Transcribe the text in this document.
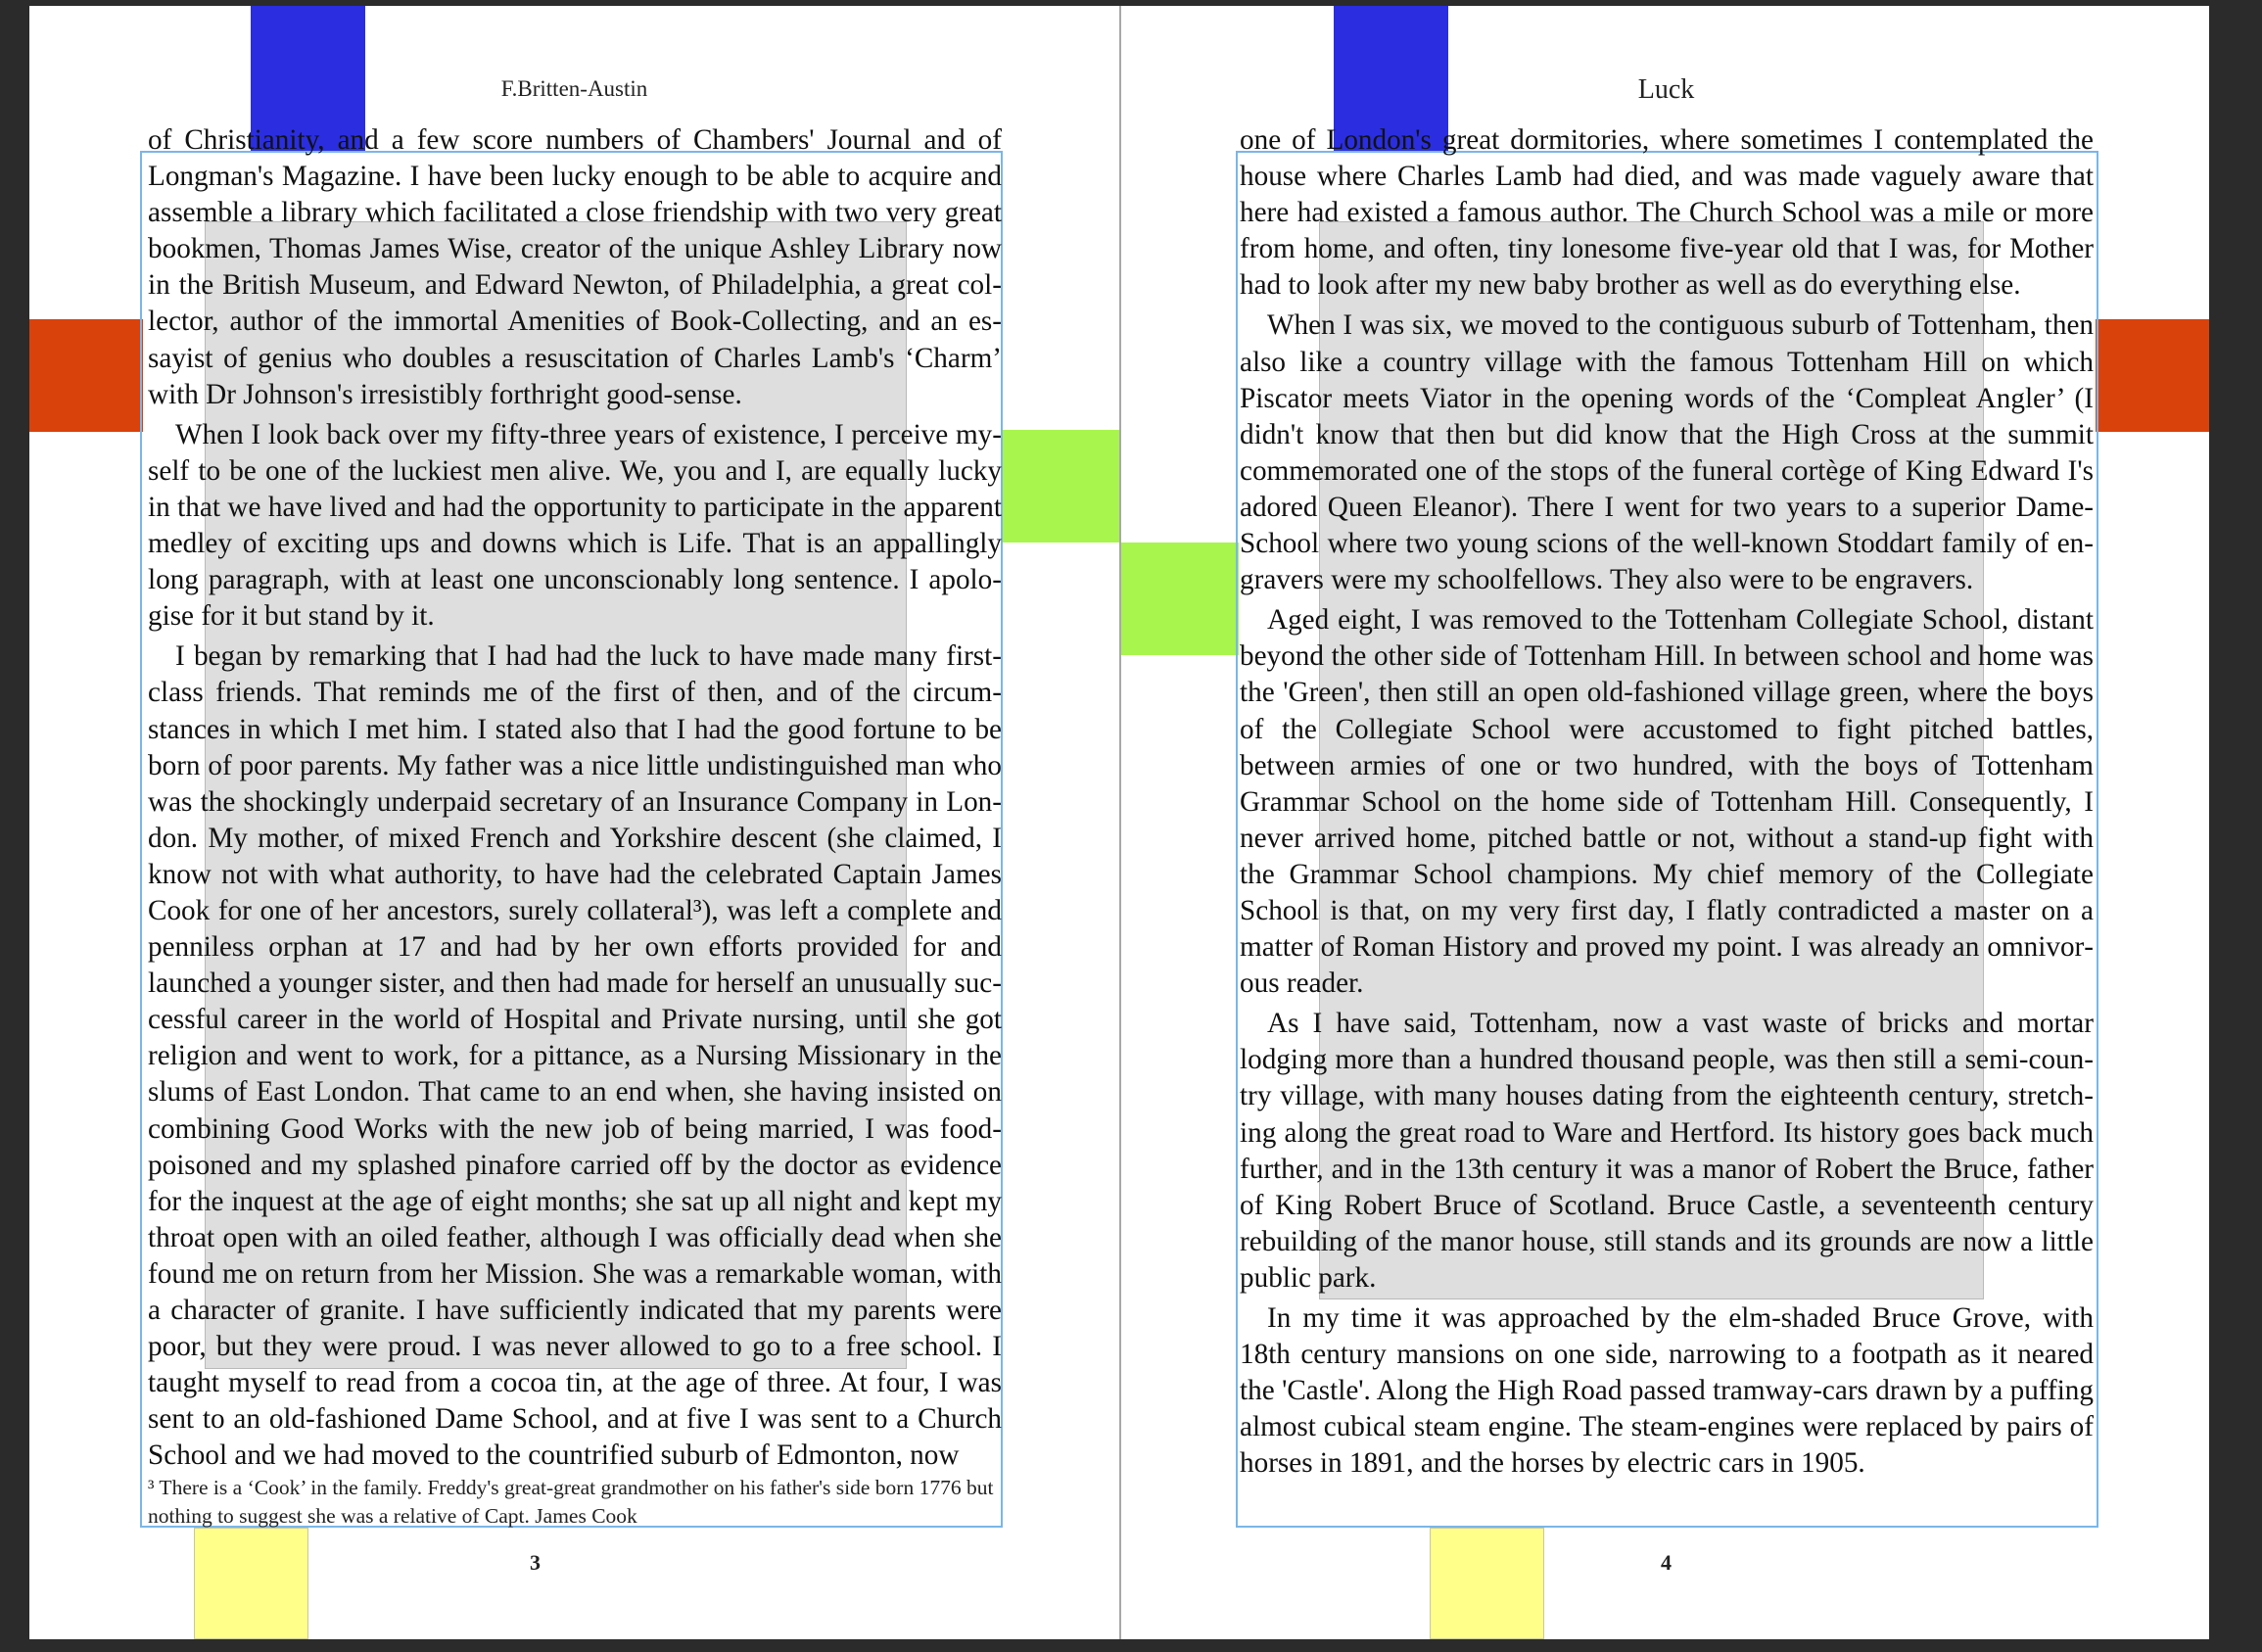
F.Britten-Austin

of Christianity, and a few score numbers of Chambers' Journal and of Longman's Magazine. I have been lucky enough to be able to acquire and assemble a library which facilitated a close friendship with two very great bookmen, Thomas James Wise, creator of the unique Ashley Library now in the British Museum, and Edward Newton, of Philadelphia, a great collector, author of the immortal Amenities of Book-Collecting, and an essayist of genius who doubles a resuscitation of Charles Lamb's ‘Charm’ with Dr Johnson's irresistibly forthright good-sense.

When I look back over my fifty-three years of existence, I perceive myself to be one of the luckiest men alive. We, you and I, are equally lucky in that we have lived and had the opportunity to participate in the apparent medley of exciting ups and downs which is Life. That is an appallingly long paragraph, with at least one unconscionably long sentence. I apologise for it but stand by it.

I began by remarking that I had had the luck to have made many first-class friends. That reminds me of the first of then, and of the circumstances in which I met him. I stated also that I had the good fortune to be born of poor parents. My father was a nice little undistinguished man who was the shockingly underpaid secretary of an Insurance Company in London. My mother, of mixed French and Yorkshire descent (she claimed, I know not with what authority, to have had the celebrated Captain James Cook for one of her ancestors, surely collateral³), was left a complete and penniless orphan at 17 and had by her own efforts provided for and launched a younger sister, and then had made for herself an unusually successful career in the world of Hospital and Private nursing, until she got religion and went to work, for a pittance, as a Nursing Missionary in the slums of East London. That came to an end when, she having insisted on combining Good Works with the new job of being married, I was food-poisoned and my splashed pinafore carried off by the doctor as evidence for the inquest at the age of eight months; she sat up all night and kept my throat open with an oiled feather, although I was officially dead when she found me on return from her Mission. She was a remarkable woman, with a character of granite. I have sufficiently indicated that my parents were poor, but they were proud. I was never allowed to go to a free school. I taught myself to read from a cocoa tin, at the age of three. At four, I was sent to an old-fashioned Dame School, and at five I was sent to a Church School and we had moved to the countrified suburb of Edmonton, now

³ There is a ‘Cook’ in the family. Freddy's great-great grandmother on his father's side born 1776 but nothing to suggest she was a relative of Capt. James Cook
3
Luck

one of London's great dormitories, where sometimes I contemplated the house where Charles Lamb had died, and was made vaguely aware that here had existed a famous author. The Church School was a mile or more from home, and often, tiny lonesome five-year old that I was, for Mother had to look after my new baby brother as well as do everything else.

When I was six, we moved to the contiguous suburb of Tottenham, then also like a country village with the famous Tottenham Hill on which Piscator meets Viator in the opening words of the ‘Compleat Angler’ (I didn't know that then but did know that the High Cross at the summit commemorated one of the stops of the funeral cortège of King Edward I's adored Queen Eleanor). There I went for two years to a superior Dame-School where two young scions of the well-known Stoddart family of engravers were my schoolfellows. They also were to be engravers.

Aged eight, I was removed to the Tottenham Collegiate School, distant beyond the other side of Tottenham Hill. In between school and home was the 'Green', then still an open old-fashioned village green, where the boys of the Collegiate School were accustomed to fight pitched battles, between armies of one or two hundred, with the boys of Tottenham Grammar School on the home side of Tottenham Hill. Consequently, I never arrived home, pitched battle or not, without a stand-up fight with the Grammar School champions. My chief memory of the Collegiate School is that, on my very first day, I flatly contradicted a master on a matter of Roman History and proved my point. I was already an omnivorous reader.

As I have said, Tottenham, now a vast waste of bricks and mortar lodging more than a hundred thousand people, was then still a semi-country village, with many houses dating from the eighteenth century, stretching along the great road to Ware and Hertford. Its history goes back much further, and in the 13th century it was a manor of Robert the Bruce, father of King Robert Bruce of Scotland. Bruce Castle, a seventeenth century rebuilding of the manor house, still stands and its grounds are now a little public park.

In my time it was approached by the elm-shaded Bruce Grove, with 18th century mansions on one side, narrowing to a footpath as it neared the 'Castle'. Along the High Road passed tramway-cars drawn by a puffing almost cubical steam engine. The steam-engines were replaced by pairs of horses in 1891, and the horses by electric cars in 1905.

4
